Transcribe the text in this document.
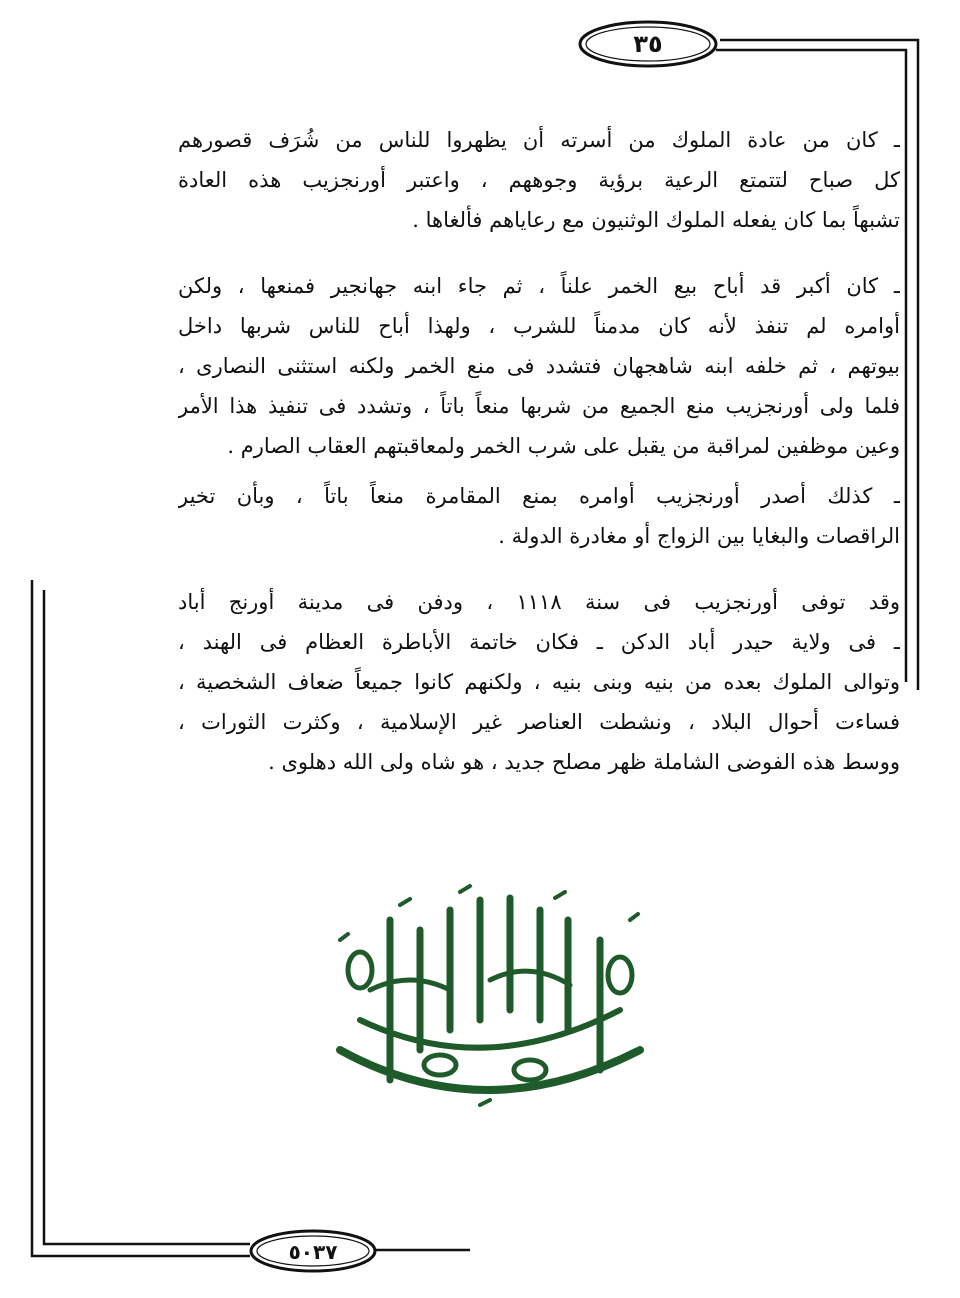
٣٥
٥٠٣٧
ـ كان من عادة الملوك من أسرته أن يظهروا للناس من شُرَف قصورهم
كل صباح لتتمتع الرعية برؤية وجوههم ، واعتبر أورنجزيب هذه العادة
تشبهاً بما كان يفعله الملوك الوثنيون مع رعاياهم فألغاها .
ـ كان أكبر قد أباح بيع الخمر علناً ، ثم جاء ابنه جهانجير فمنعها ، ولكن
أوامره لم تنفذ لأنه كان مدمناً للشرب ، ولهذا أباح للناس شربها داخل
بيوتهم ، ثم خلفه ابنه شاهجهان فتشدد فى منع الخمر ولكنه استثنى النصارى ،
فلما ولى أورنجزيب منع الجميع من شربها منعاً باتاً ، وتشدد فى تنفيذ هذا الأمر
وعين موظفين لمراقبة من يقبل على شرب الخمر ولمعاقبتهم العقاب الصارم .
ـ كذلك أصدر أورنجزيب أوامره بمنع المقامرة منعاً باتاً ، وبأن تخير
الراقصات والبغايا بين الزواج أو مغادرة الدولة .
وقد توفى أورنجزيب فى سنة ١١١٨ ، ودفن فى مدينة أورنج أباد
ـ فى ولاية حيدر أباد الدكن ـ فكان خاتمة الأباطرة العظام فى الهند ،
وتوالى الملوك بعده من بنيه وبنى بنيه ، ولكنهم كانوا جميعاً ضعاف الشخصية ،
فساءت أحوال البلاد ، ونشطت العناصر غير الإسلامية ، وكثرت الثورات ،
ووسط هذه الفوضى الشاملة ظهر مصلح جديد ، هو شاه ولى الله دهلوى .
